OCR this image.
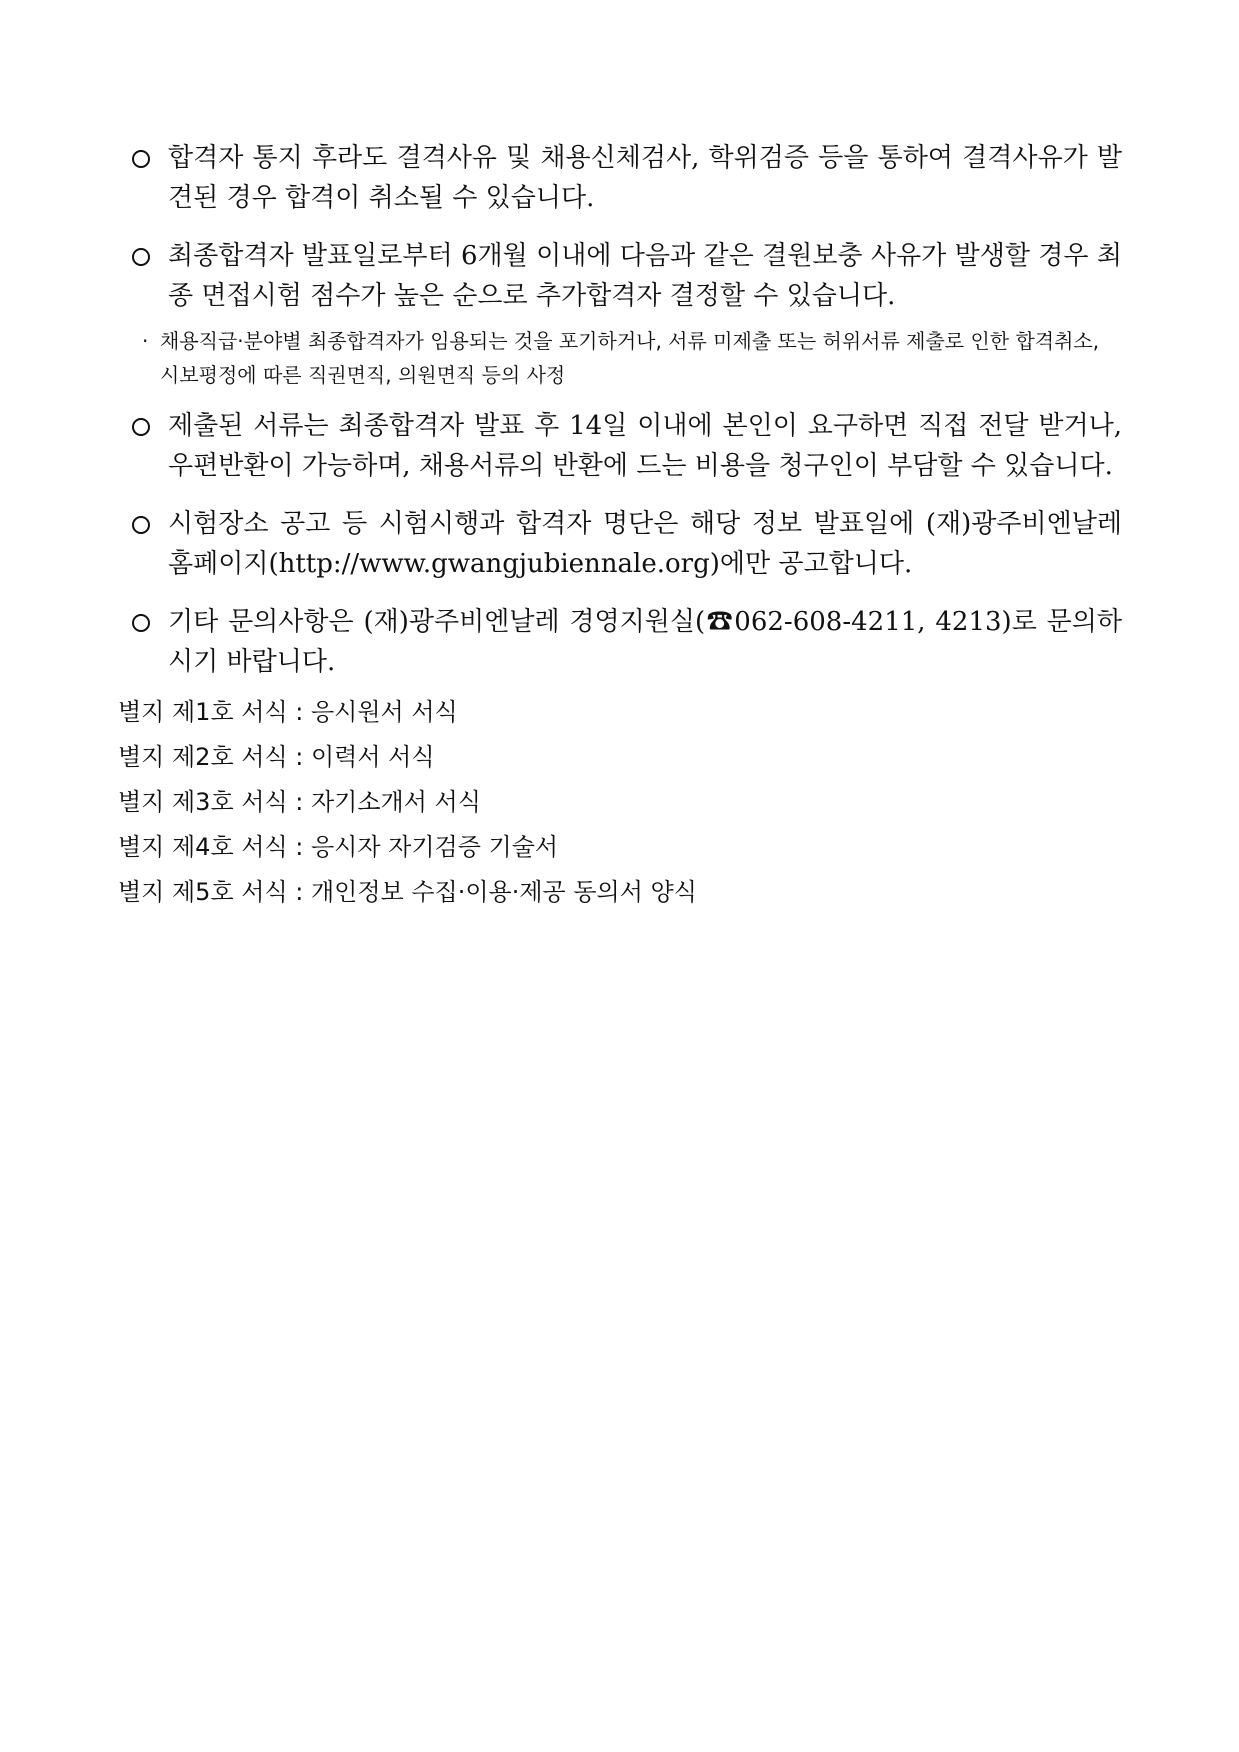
합격자 통지 후라도 결격사유 및 채용신체검사, 학위검증 등을 통하여 결격사유가 발견된 경우 합격이 취소될 수 있습니다.
최종합격자 발표일로부터 6개월 이내에 다음과 같은 결원보충 사유가 발생할 경우 최종 면접시험 점수가 높은 순으로 추가합격자 결정할 수 있습니다.
· 채용직급·분야별 최종합격자가 임용되는 것을 포기하거나, 서류 미제출 또는 허위서류 제출로 인한 합격취소, 시보평정에 따른 직권면직, 의원면직 등의 사정
제출된 서류는 최종합격자 발표 후 14일 이내에 본인이 요구하면 직접 전달 받거나, 우편반환이 가능하며, 채용서류의 반환에 드는 비용을 청구인이 부담할 수 있습니다.
시험장소 공고 등 시험시행과 합격자 명단은 해당 정보 발표일에 (재)광주비엔날레 홈페이지(http://www.gwangjubiennale.org)에만 공고합니다.
기타 문의사항은 (재)광주비엔날레 경영지원실(☎062-608-4211, 4213)로 문의하시기 바랍니다.
별지 제1호 서식 : 응시원서 서식
별지 제2호 서식 : 이력서 서식
별지 제3호 서식 : 자기소개서 서식
별지 제4호 서식 : 응시자 자기검증 기술서
별지 제5호 서식 : 개인정보 수집·이용·제공 동의서 양식
